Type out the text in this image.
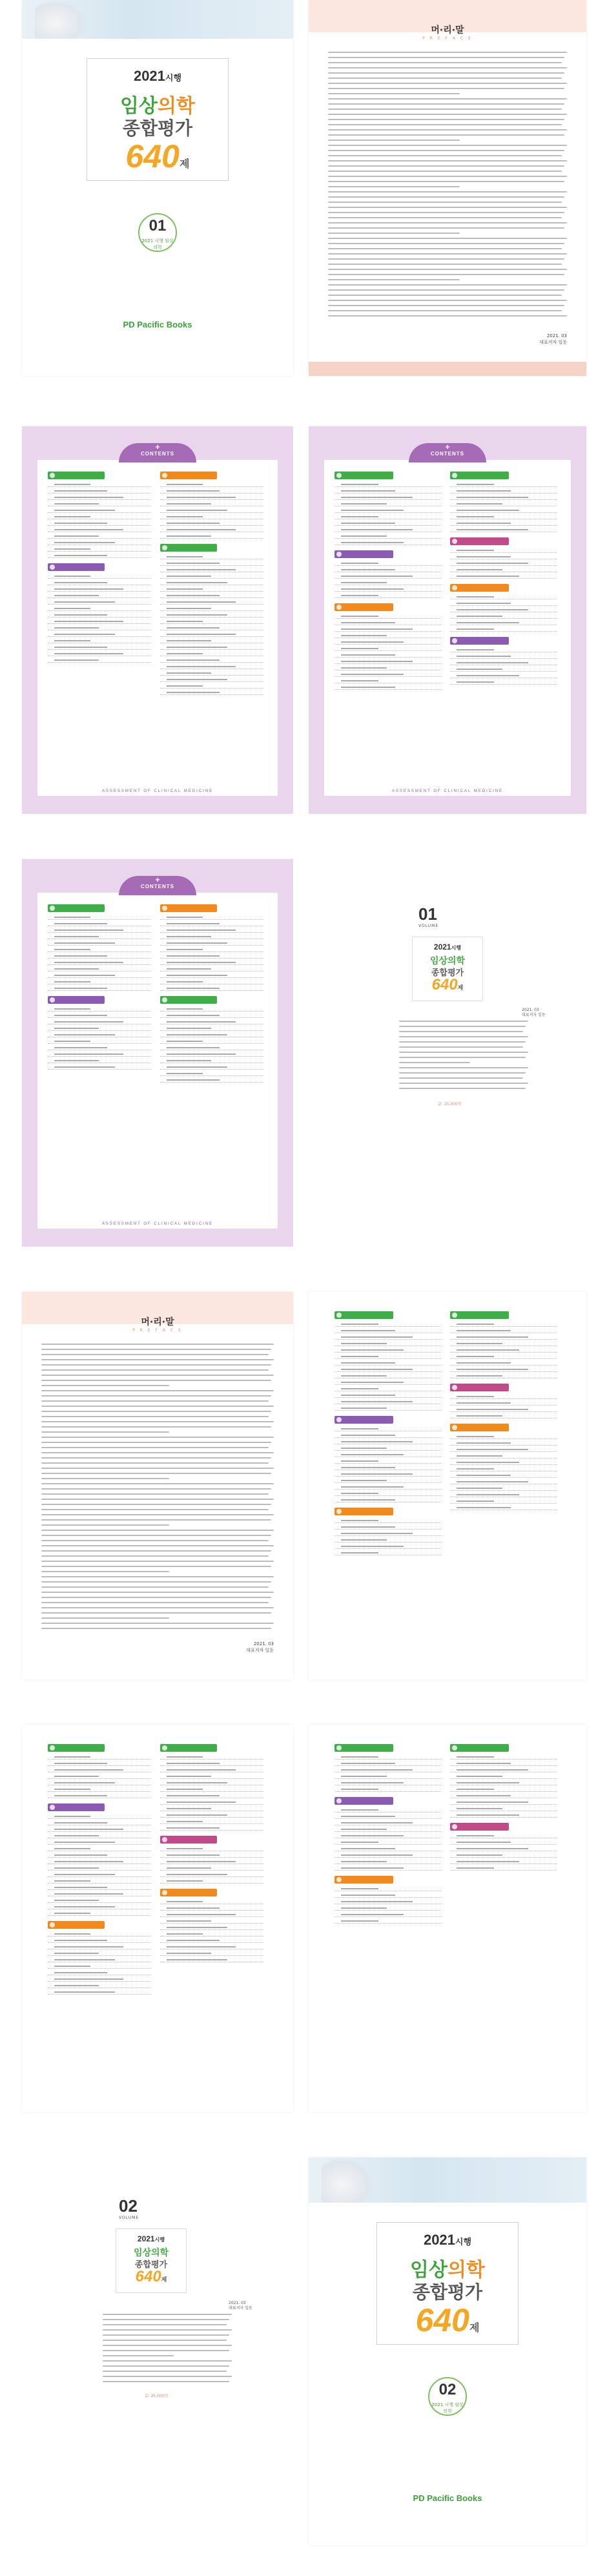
2021시행
임상의학
종합평가
640제
01
2021 시행 임상의학
PD Pacific Books
머·리·말
P R E F A C E
2021. 03
대표저자 일동
+
CONTENTS
ASSESSMENT OF CLINICAL MEDICINE
+
CONTENTS
ASSESSMENT OF CLINICAL MEDICINE
+
CONTENTS
ASSESSMENT OF CLINICAL MEDICINE
01
VOLUME
2021시행
임상의학
종합평가
640제
2021. 03
대표저자 일동
값: 25,000원
머·리·말
P R E F A C E
2021. 03
대표저자 일동
02
VOLUME
2021시행
임상의학
종합평가
640제
2021. 03
대표저자 일동
값: 25,000원
2021시행
임상의학
종합평가
640제
02
2021 시행 임상의학
PD Pacific Books
